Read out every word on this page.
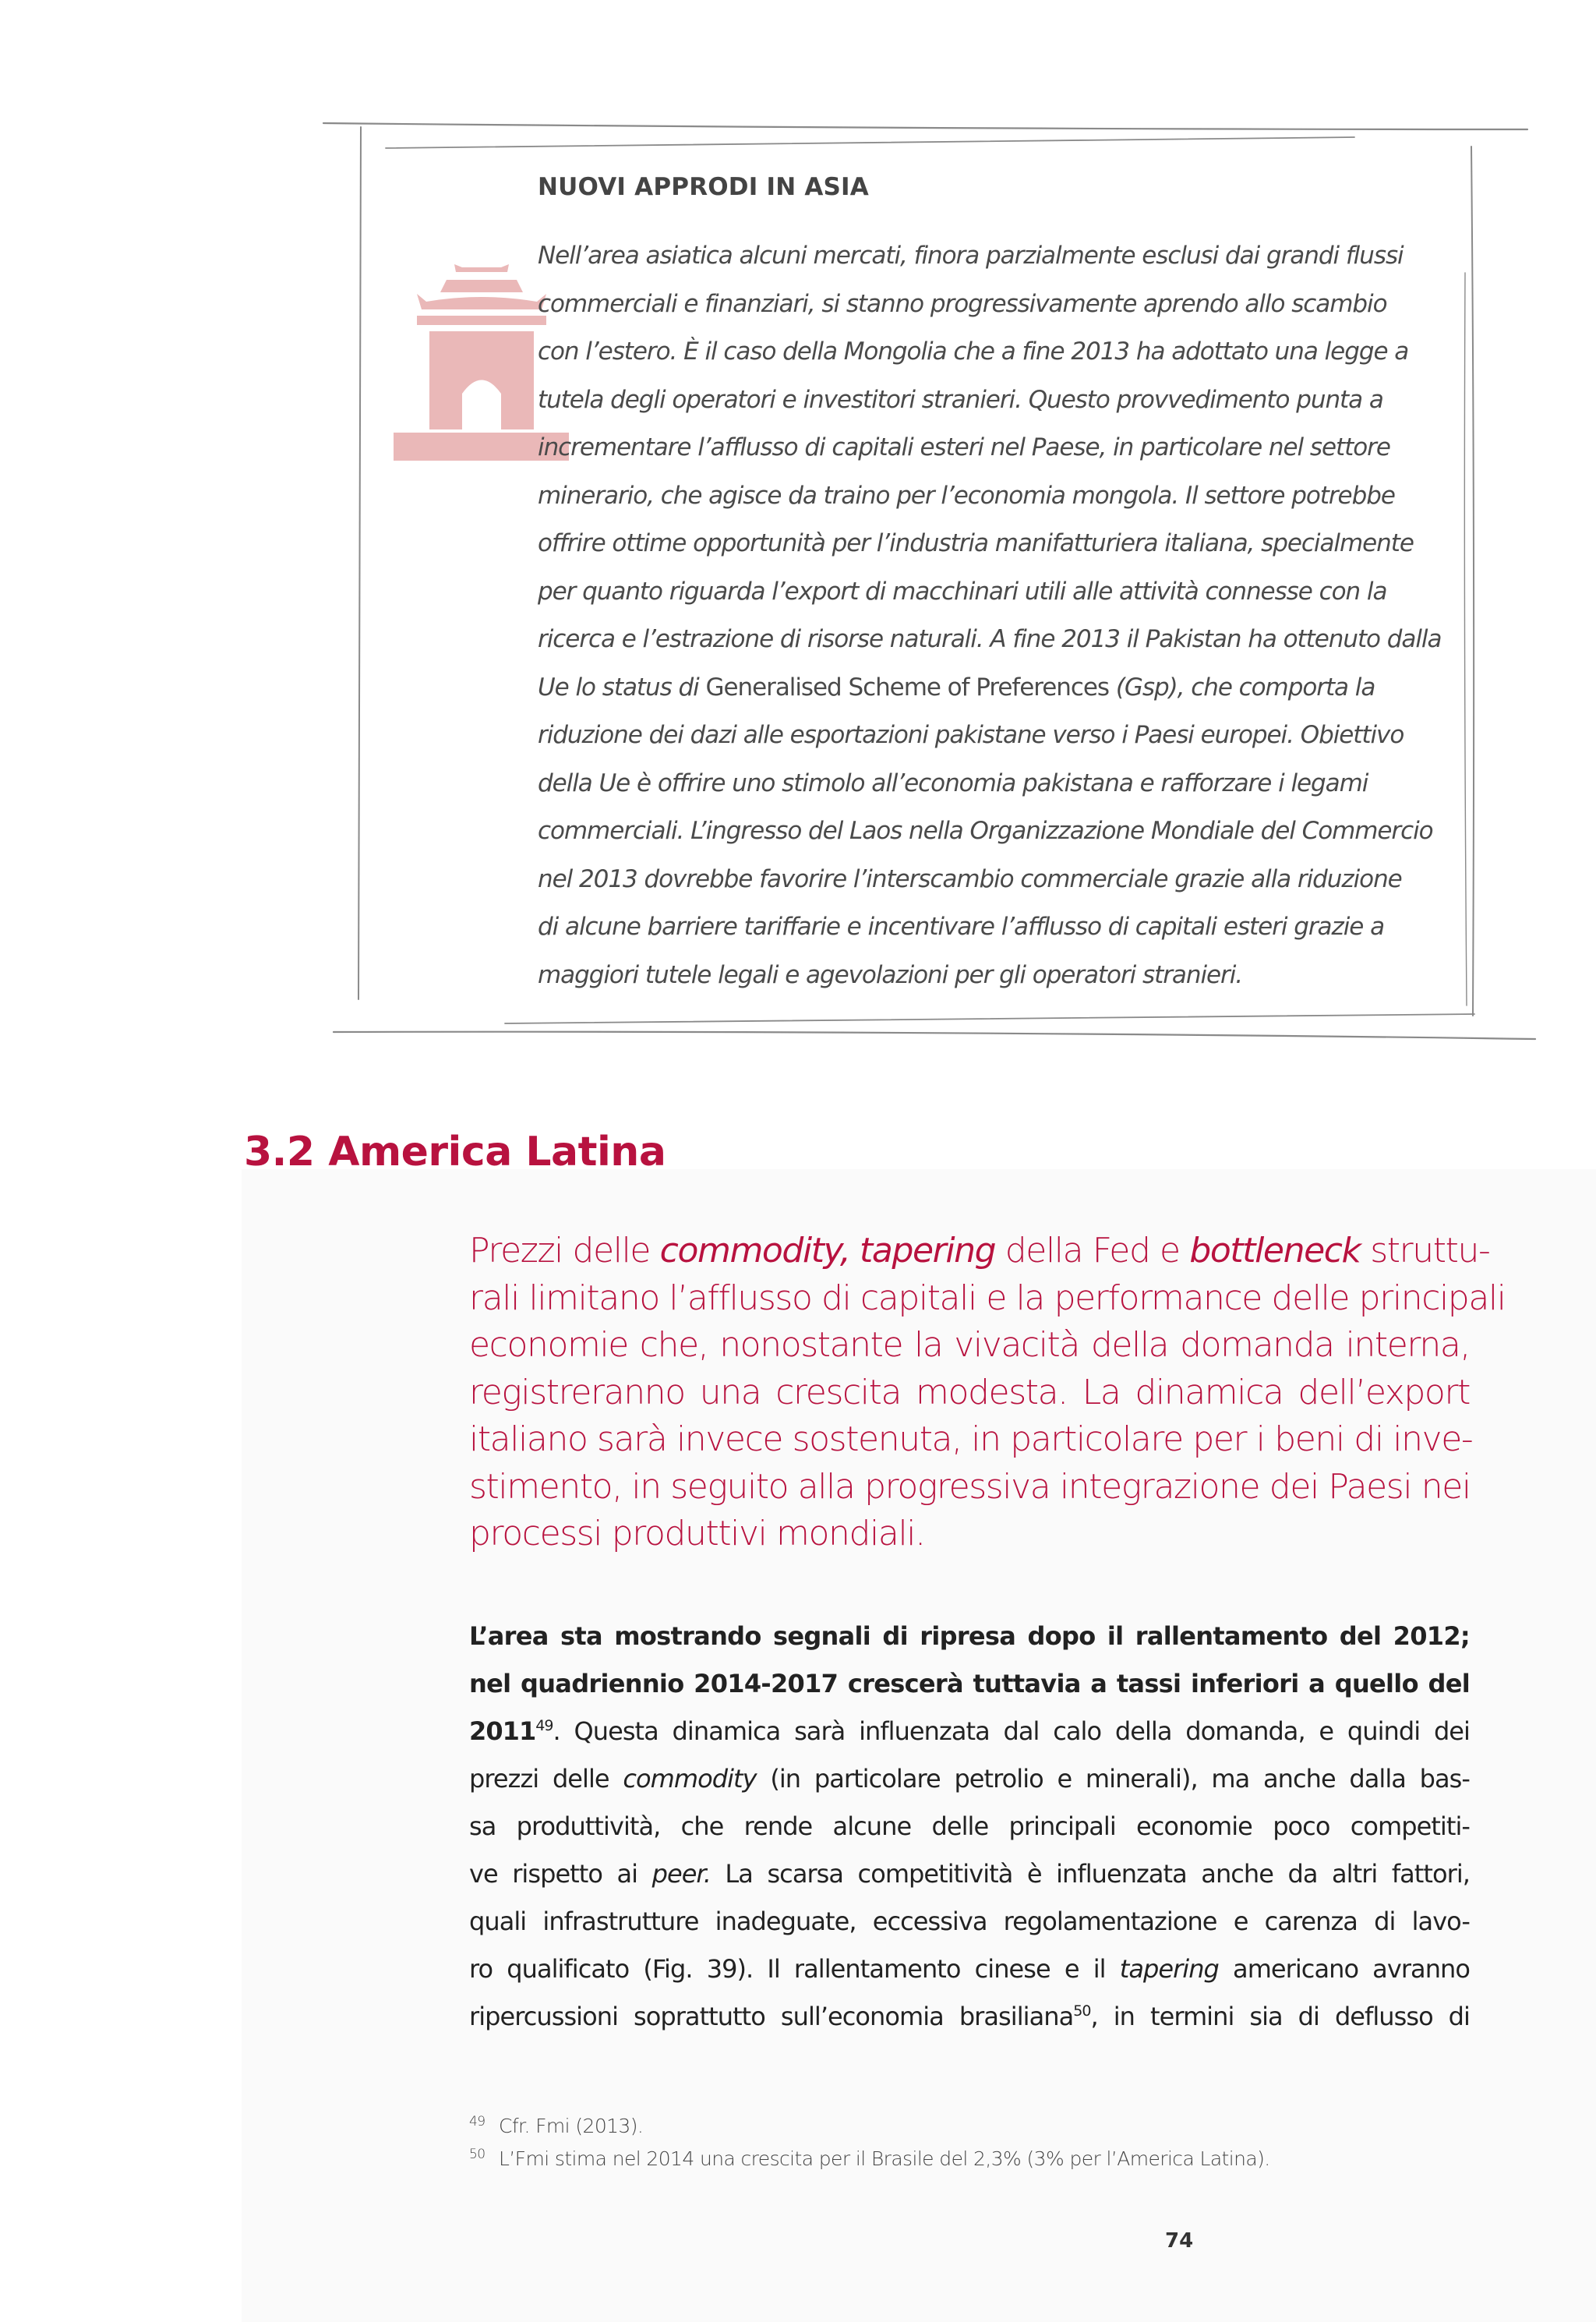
NUOVI APPRODI IN ASIA
Nell’area asiatica alcuni mercati, finora parzialmente esclusi dai grandi flussi
commerciali e finanziari, si stanno progressivamente aprendo allo scambio
con l’estero. È il caso della Mongolia che a fine 2013 ha adottato una legge a
tutela degli operatori e investitori stranieri. Questo provvedimento punta a
incrementare l’afflusso di capitali esteri nel Paese, in particolare nel settore
minerario, che agisce da traino per l’economia mongola. Il settore potrebbe
offrire ottime opportunità per l’industria manifatturiera italiana, specialmente
per quanto riguarda l’export di macchinari utili alle attività connesse con la
ricerca e l’estrazione di risorse naturali. A fine 2013 il Pakistan ha ottenuto dalla
Ue lo status di Generalised Scheme of Preferences (Gsp), che comporta la
riduzione dei dazi alle esportazioni pakistane verso i Paesi europei. Obiettivo
della Ue è offrire uno stimolo all’economia pakistana e rafforzare i legami
commerciali. L’ingresso del Laos nella Organizzazione Mondiale del Commercio
nel 2013 dovrebbe favorire l’interscambio commerciale grazie alla riduzione
di alcune barriere tariffarie e incentivare l’afflusso di capitali esteri grazie a
maggiori tutele legali e agevolazioni per gli operatori stranieri.
3.2 America Latina
Prezzi delle commodity, tapering della Fed e bottleneck struttu-
rali limitano l’afflusso di capitali e la performance delle principali
economie che, nonostante la vivacità della domanda interna,
registreranno una crescita modesta. La dinamica dell’export
italiano sarà invece sostenuta, in particolare per i beni di inve-
stimento, in seguito alla progressiva integrazione dei Paesi nei
processi produttivi mondiali.
L’area sta mostrando segnali di ripresa dopo il rallentamento del 2012;
nel quadriennio 2014-2017 crescerà tuttavia a tassi inferiori a quello del
2011$^{49}$. Questa dinamica sarà influenzata dal calo della domanda, e quindi dei
prezzi delle commodity (in particolare petrolio e minerali), ma anche dalla bas-
sa produttività, che rende alcune delle principali economie poco competiti-
ve rispetto ai peer. La scarsa competitività è influenzata anche da altri fattori,
quali infrastrutture inadeguate, eccessiva regolamentazione e carenza di lavo-
ro qualificato (Fig. 39). Il rallentamento cinese e il tapering americano avranno
ripercussioni soprattutto sull’economia brasiliana$^{50}$, in termini sia di deflusso di
49 Cfr. Fmi (2013).
50 L’Fmi stima nel 2014 una crescita per il Brasile del 2,3% (3% per l’America Latina).
74
